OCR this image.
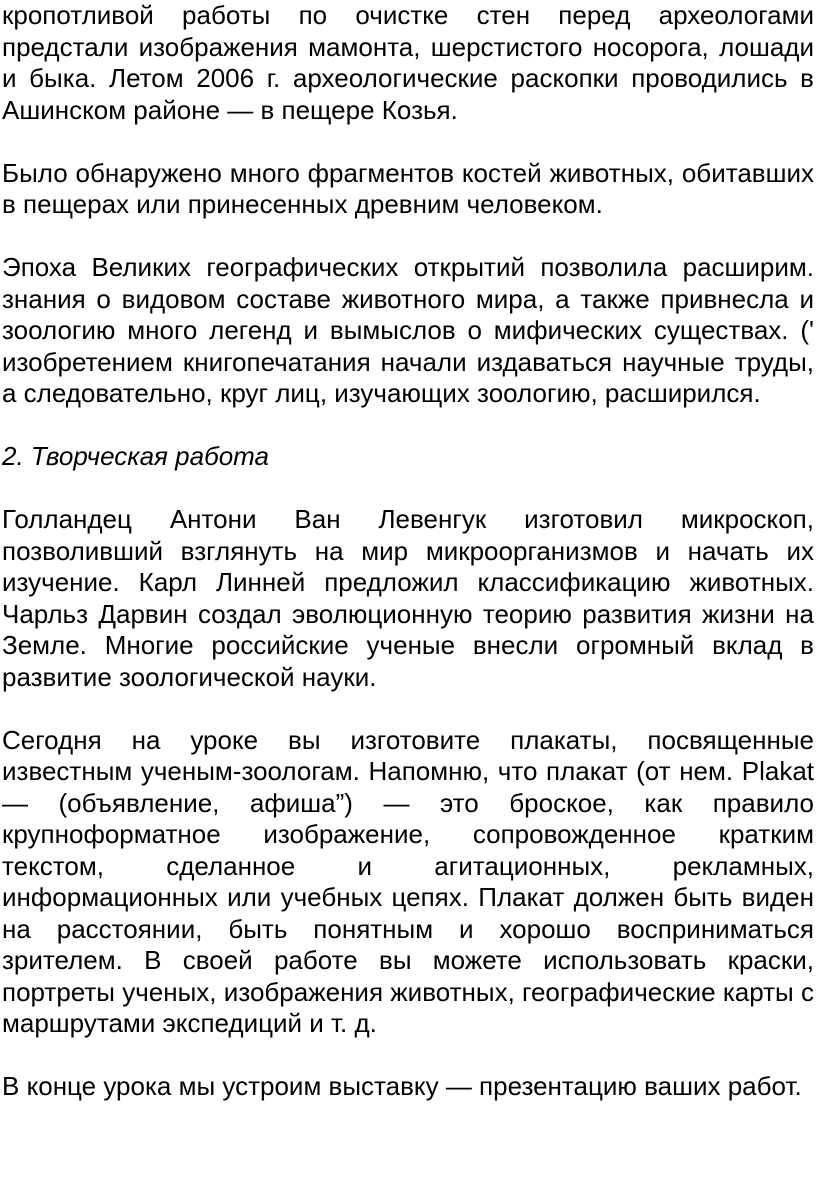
кропотливой работы по очистке стен перед археологами предстали изображения мамонта, шерстистого носорога, лошади и быка. Летом 2006 г. археологические раскопки проводились в Ашинском районе — в пещере Козья.

Было обнаружено много фрагментов костей животных, обитавших в пещерах или принесенных древним человеком.

Эпоха Великих географических открытий позволила расширим. знания о видовом составе животного мира, а также привнесла и зоологию много легенд и вымыслов о мифических существах. (' изобретением книгопечатания начали издаваться научные труды, а следовательно, круг лиц, изучающих зоологию, расширился.

2. Творческая работа

Голландец Антони Ван Левенгук изготовил микроскоп, позволивший взглянуть на мир микроорганизмов и начать их изучение. Карл Линней предложил классификацию животных. Чарльз Дарвин создал эволюционную теорию развития жизни на Земле. Многие российские ученые внесли огромный вклад в развитие зоологической науки.

Сегодня на уроке вы изготовите плакаты, посвященные известным ученым-зоологам. Напомню, что плакат (от нем. Plakat — (объявление, афиша”) — это броское, как правило крупноформатное изображение, сопровожденное кратким текстом, сделанное и агитационных, рекламных, информационных или учебных цепях. Плакат должен быть виден на расстоянии, быть понятным и хорошо восприниматься зрителем. В своей работе вы можете использовать краски, портреты ученых, изображения животных, географические карты с маршрутами экспедиций и т. д.

В конце урока мы устроим выставку — презентацию ваших работ.
